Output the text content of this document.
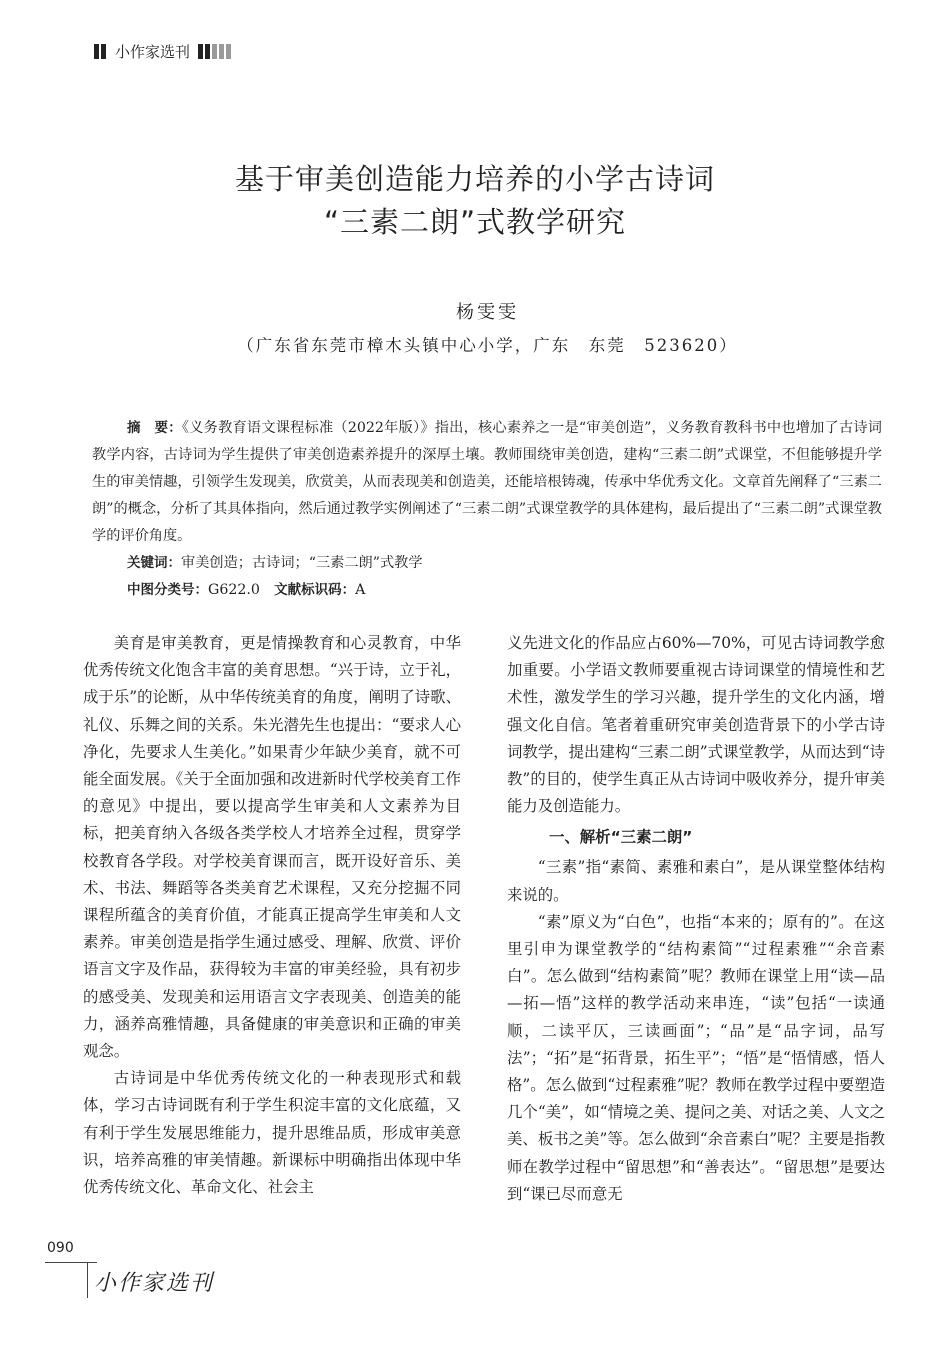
小作家选刊
基于审美创造能力培养的小学古诗词
“三素二朗”式教学研究
杨雯雯
（广东省东莞市樟木头镇中心小学，广东　东莞　523620）

摘　要：《义务教育语文课程标准（2022年版）》指出，核心素养之一是“审美创造”，义务教育教科书中也增加了古诗词教学内容，古诗词为学生提供了审美创造素养提升的深厚土壤。教师围绕审美创造，建构“三素二朗”式课堂，不但能够提升学生的审美情趣，引领学生发现美，欣赏美，从而表现美和创造美，还能培根铸魂，传承中华优秀文化。文章首先阐释了“三素二朗”的概念，分析了其具体指向，然后通过教学实例阐述了“三素二朗”式课堂教学的具体建构，最后提出了“三素二朗”式课堂教学的评价角度。

关键词：审美创造；古诗词；“三素二朗”式教学

中图分类号：G622.0　 文献标识码：A

美育是审美教育，更是情操教育和心灵教育，中华优秀传统文化饱含丰富的美育思想。“兴于诗，立于礼，成于乐”的论断，从中华传统美育的角度，阐明了诗歌、礼仪、乐舞之间的关系。朱光潜先生也提出：“要求人心净化，先要求人生美化。”如果青少年缺少美育，就不可能全面发展。《关于全面加强和改进新时代学校美育工作的意见》中提出，要以提高学生审美和人文素养为目标，把美育纳入各级各类学校人才培养全过程，贯穿学校教育各学段。对学校美育课而言，既开设好音乐、美术、书法、舞蹈等各类美育艺术课程，又充分挖掘不同课程所蕴含的美育价值，才能真正提高学生审美和人文素养。审美创造是指学生通过感受、理解、欣赏、评价语言文字及作品，获得较为丰富的审美经验，具有初步的感受美、发现美和运用语言文字表现美、创造美的能力，涵养高雅情趣，具备健康的审美意识和正确的审美观念。

古诗词是中华优秀传统文化的一种表现形式和载体，学习古诗词既有利于学生积淀丰富的文化底蕴，又有利于学生发展思维能力，提升思维品质，形成审美意识，培养高雅的审美情趣。新课标中明确指出体现中华优秀传统文化、革命文化、社会主

义先进文化的作品应占60%—70%，可见古诗词教学愈加重要。小学语文教师要重视古诗词课堂的情境性和艺术性，激发学生的学习兴趣，提升学生的文化内涵，增强文化自信。笔者着重研究审美创造背景下的小学古诗词教学，提出建构“三素二朗”式课堂教学，从而达到“诗教”的目的，使学生真正从古诗词中吸收养分，提升审美能力及创造能力。

一、解析“三素二朗”

“三素”指“素简、素雅和素白”，是从课堂整体结构来说的。

“素”原义为“白色”，也指“本来的；原有的”。在这里引申为课堂教学的“结构素简”“过程素雅”“余音素白”。怎么做到“结构素简”呢？教师在课堂上用“读—品—拓—悟”这样的教学活动来串连，“读”包括“一读通顺，二读平仄，三读画面”；“品”是“品字词，品写法”；“拓”是“拓背景，拓生平”；“悟”是“悟情感，悟人格”。怎么做到“过程素雅”呢？教师在教学过程中要塑造几个“美”，如“情境之美、提问之美、对话之美、人文之美、板书之美”等。怎么做到“余音素白”呢？主要是指教师在教学过程中“留思想”和“善表达”。“留思想”是要达到“课已尽而意无

090
小作家选刊
